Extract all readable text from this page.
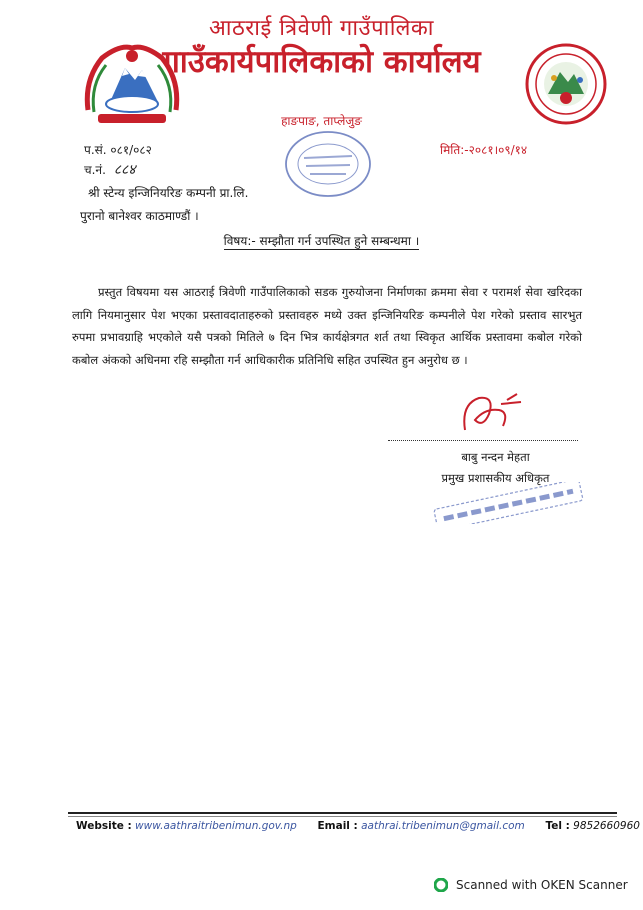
आठराई त्रिवेणी गाउँपालिका
गाउँकार्यपालिकाको कार्यालय
हाङपाङ, ताप्लेजुङ
प.सं. ०८१/०८२
च.नं. ८८४
मिति:-२०८१।०९/१४
श्री स्टेन्य इन्जिनियरिङ कम्पनी प्रा.लि.
पुरानो बानेश्वर काठमाण्डौं ।
विषय:- सम्झौता गर्न उपस्थित हुने सम्बन्धमा ।
प्रस्तुत विषयमा यस आठराई त्रिवेणी गाउँपालिकाको सडक गुरुयोजना निर्माणका क्रममा सेवा र परामर्श सेवा खरिदका लागि नियमानुसार पेश भएका प्रस्तावदाताहरुको प्रस्तावहरु मध्ये उक्त इन्जिनियरिङ कम्पनीले पेश गरेको प्रस्ताव सारभुत रुपमा प्रभावग्राहि भएकोले यसै पत्रको मितिले ७ दिन भित्र कार्यक्षेत्रगत शर्त तथा स्विकृत आर्थिक प्रस्तावमा कबोल गरेको कबोल अंकको अधिनमा रहि सम्झौता गर्न आधिकारीक प्रतिनिधि सहित उपस्थित हुन अनुरोध छ ।
बाबु नन्दन मेहता
प्रमुख प्रशासकीय अधिकृत
Website : www.aathraitribenimun.gov.np Email : aathrai.tribenimun@gmail.com Tel : 9852660960
Scanned with OKEN Scanner
